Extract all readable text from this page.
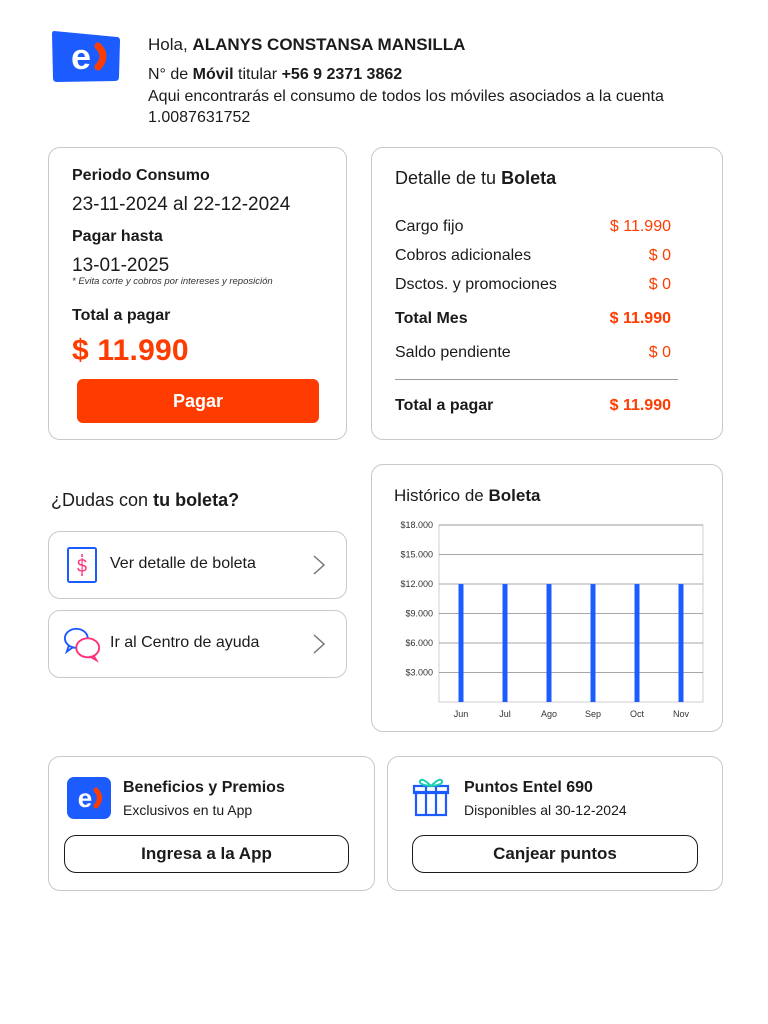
e	Hola, ALANYS CONSTANSA MANSILLA
N° de Móvil titular +56 9 2371 3862
Aqui encontrarás el consumo de todos los móviles asociados a la cuenta 1.0087631752
Periodo Consumo
23-11-2024 al 22-12-2024
Pagar hasta
13-01-2025
* Evita corte y cobros por intereses y reposición
Total a pagar
$ 11.990
Pagar
Detalle de tu Boleta
Cargo fijo	$ 11.990
Cobros adicionales	$ 0
Dsctos. y promociones	$ 0
Total Mes	$ 11.990
Saldo pendiente	$ 0
Total a pagar	$ 11.990
¿Dudas con tu boleta?
$ Ver detalle de boleta
Ir al Centro de ayuda
Histórico de Boleta
$18.000
$15.000
$12.000
$9.000
$6.000
$3.000
Jun	Jul	Ago	Sep	Oct	Nov
e Beneficios y Premios
Exclusivos en tu App
Ingresa a la App
Puntos Entel 690
Disponibles al 30-12-2024
Canjear puntos
